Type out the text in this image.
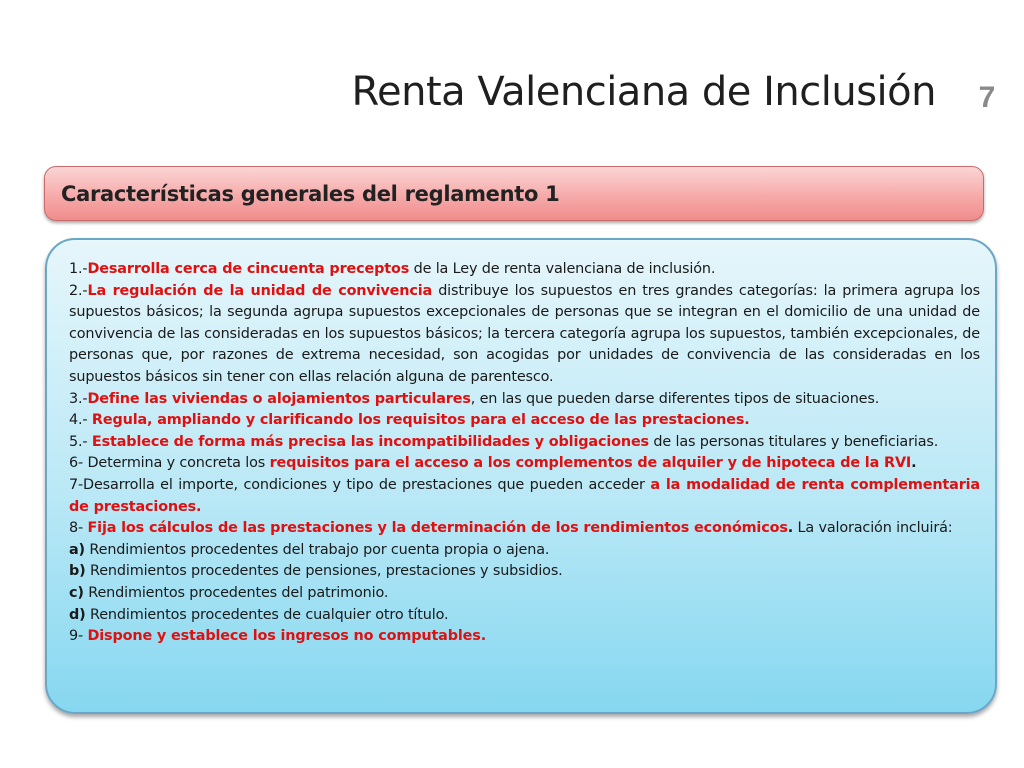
Renta Valenciana de Inclusión	7
Características generales del reglamento 1

1.-Desarrolla cerca de cincuenta preceptos de la Ley de renta valenciana de inclusión.

2.-La regulación de la unidad de convivencia distribuye los supuestos en tres grandes categorías: la primera agrupa los supuestos básicos; la segunda agrupa supuestos excepcionales de personas que se integran en el domicilio de una unidad de convivencia de las consideradas en los supuestos básicos; la tercera categoría agrupa los supuestos, también excepcionales, de personas que, por razones de extrema necesidad, son acogidas por unidades de convivencia de las consideradas en los supuestos básicos sin tener con ellas relación alguna de parentesco.

3.-Define las viviendas o alojamientos particulares, en las que pueden darse diferentes tipos de situaciones.

4.- Regula, ampliando y clarificando los requisitos para el acceso de las prestaciones.

5.- Establece de forma más precisa las incompatibilidades y obligaciones de las personas titulares y beneficiarias.

6- Determina y concreta los requisitos para el acceso a los complementos de alquiler y de hipoteca de la RVI.

7-Desarrolla el importe, condiciones y tipo de prestaciones que pueden acceder a la modalidad de renta complementaria de prestaciones.

8- Fija los cálculos de las prestaciones y la determinación de los rendimientos económicos. La valoración incluirá:

a) Rendimientos procedentes del trabajo por cuenta propia o ajena.

b) Rendimientos procedentes de pensiones, prestaciones y subsidios.

c) Rendimientos procedentes del patrimonio.

d) Rendimientos procedentes de cualquier otro título.

9- Dispone y establece los ingresos no computables.
